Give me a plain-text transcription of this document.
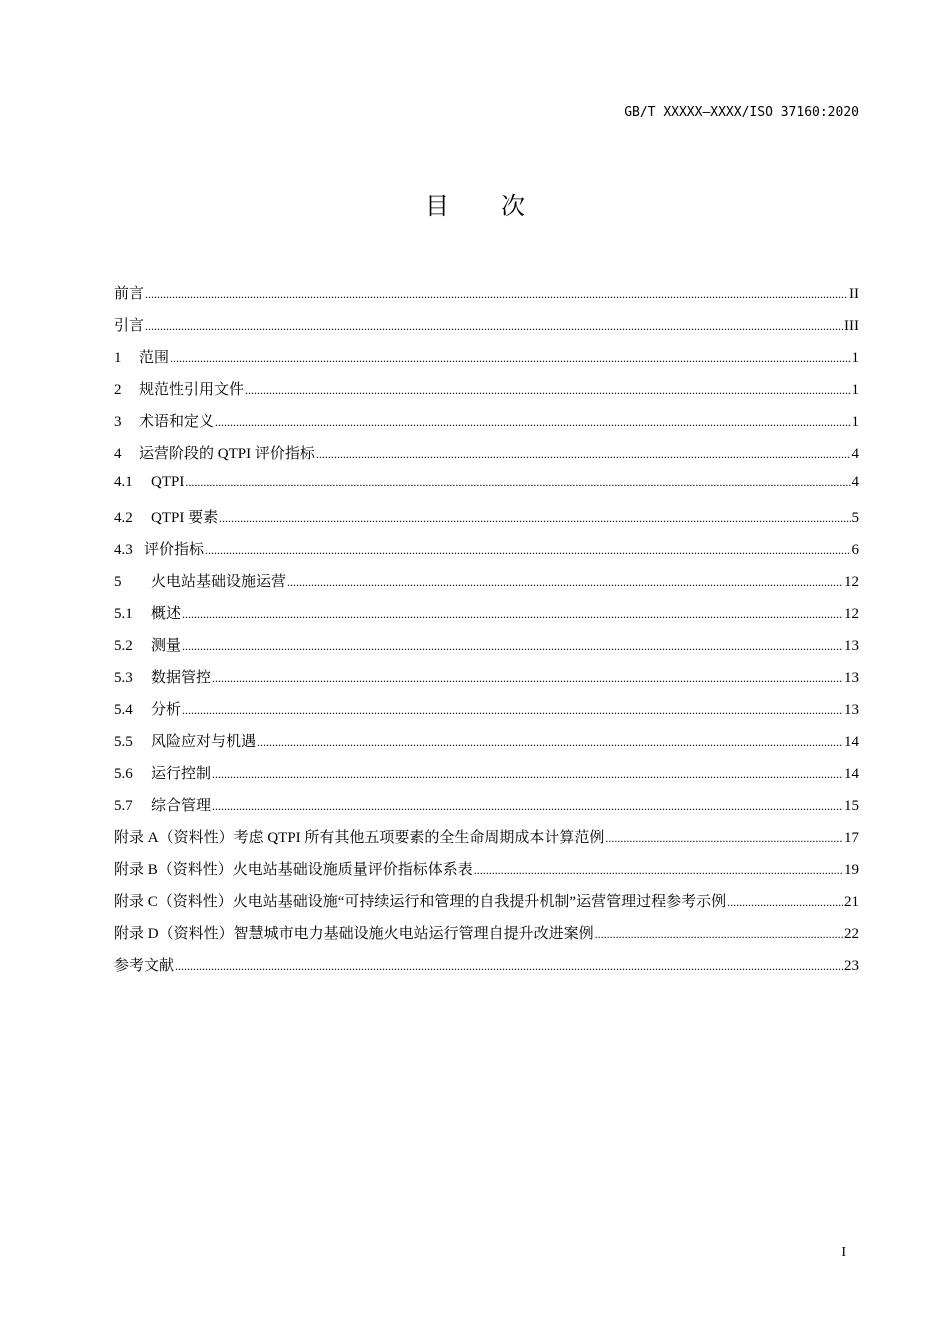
GB/T XXXXX—XXXX/ISO 37160:2020
目 次
前言 .....	II
引言 .....	III
1	范围 .....	1
2	规范性引用文件 .....	1
3	术语和定义 .....	1
4	运营阶段的 QTPI 评价指标 .....	4
4.1	QTPI .....	4
4.2	QTPI 要素 .....	5
4.3 评价指标 .....	6
5	火电站基础设施运营 .....	12
5.1	概述 .....	12
5.2	测量 .....	13
5.3	数据管控 .....	13
5.4	分析 .....	13
5.5	风险应对与机遇 .....	14
5.6	运行控制 .....	14
5.7	综合管理 .....	15
附录 A（资料性）考虑 QTPI 所有其他五项要素的全生命周期成本计算范例 .....	17
附录 B（资料性）火电站基础设施质量评价指标体系表 .....	19
附录 C（资料性）火电站基础设施“可持续运行和管理的自我提升机制”运营管理过程参考示例 .....	21
附录 D（资料性）智慧城市电力基础设施火电站运行管理自提升改进案例 .....	22
参考文献 .....	23
I
